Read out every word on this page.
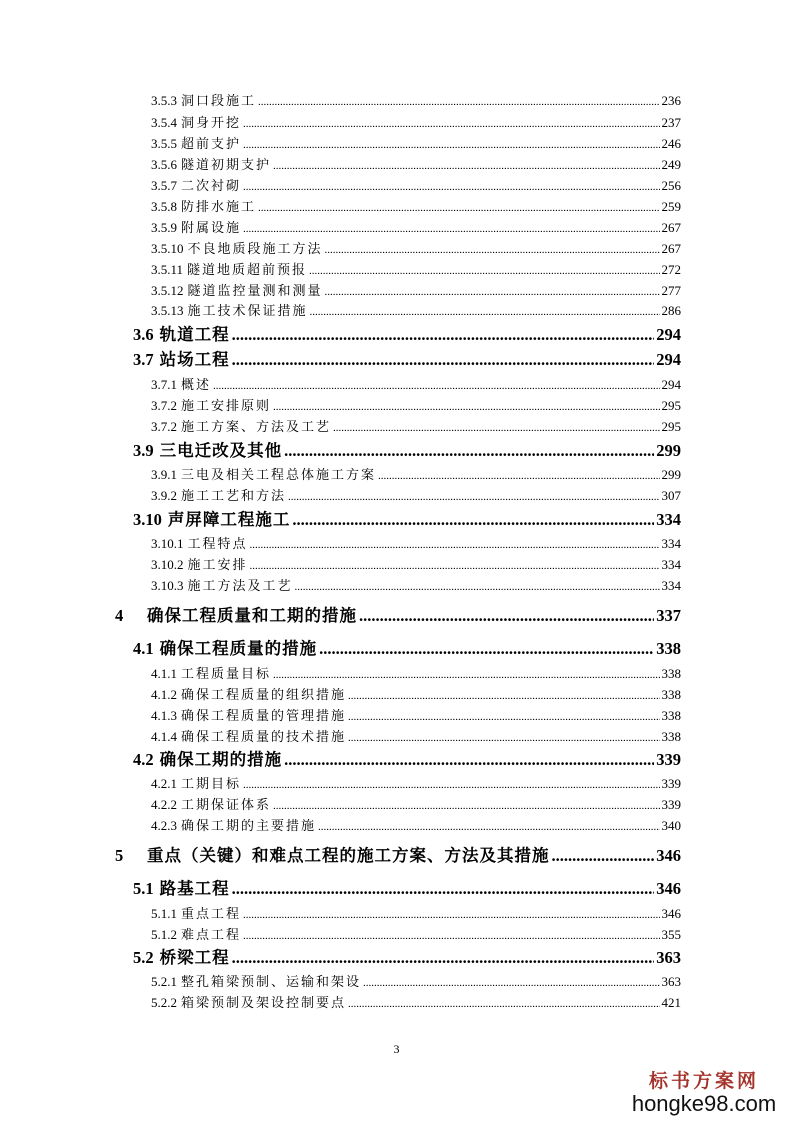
3.5.3 洞口段施工 .....	236
3.5.4 洞身开挖 .....	237
3.5.5 超前支护 .....	246
3.5.6 隧道初期支护 .....	249
3.5.7 二次衬砌 .....	256
3.5.8 防排水施工 .....	259
3.5.9 附属设施 .....	267
3.5.10 不良地质段施工方法 .....	267
3.5.11 隧道地质超前预报 .....	272
3.5.12 隧道监控量测和测量 .....	277
3.5.13 施工技术保证措施 .....	286
3.6 轨道工程 .....	294
3.7 站场工程 .....	294
3.7.1 概述 .....	294
3.7.2 施工安排原则 .....	295
3.7.2 施工方案、方法及工艺 .....	295
3.9 三电迁改及其他 .....	299
3.9.1 三电及相关工程总体施工方案 .....	299
3.9.2 施工工艺和方法 .....	307
3.10 声屏障工程施工 .....	334
3.10.1 工程特点 .....	334
3.10.2 施工安排 .....	334
3.10.3 施工方法及工艺 .....	334
4	确保工程质量和工期的措施 .....	337
4.1 确保工程质量的措施 .....	338
4.1.1 工程质量目标 .....	338
4.1.2 确保工程质量的组织措施 .....	338
4.1.3 确保工程质量的管理措施 .....	338
4.1.4 确保工程质量的技术措施 .....	338
4.2 确保工期的措施 .....	339
4.2.1 工期目标 .....	339
4.2.2 工期保证体系 .....	339
4.2.3 确保工期的主要措施 .....	340
5	重点（关键）和难点工程的施工方案、方法及其措施 .....	346
5.1 路基工程 .....	346
5.1.1 重点工程 .....	346
5.1.2 难点工程 .....	355
5.2 桥梁工程 .....	363
5.2.1 整孔箱梁预制、运输和架设 .....	363
5.2.2 箱梁预制及架设控制要点 .....	421
3
标书方案网
hongke98.com
